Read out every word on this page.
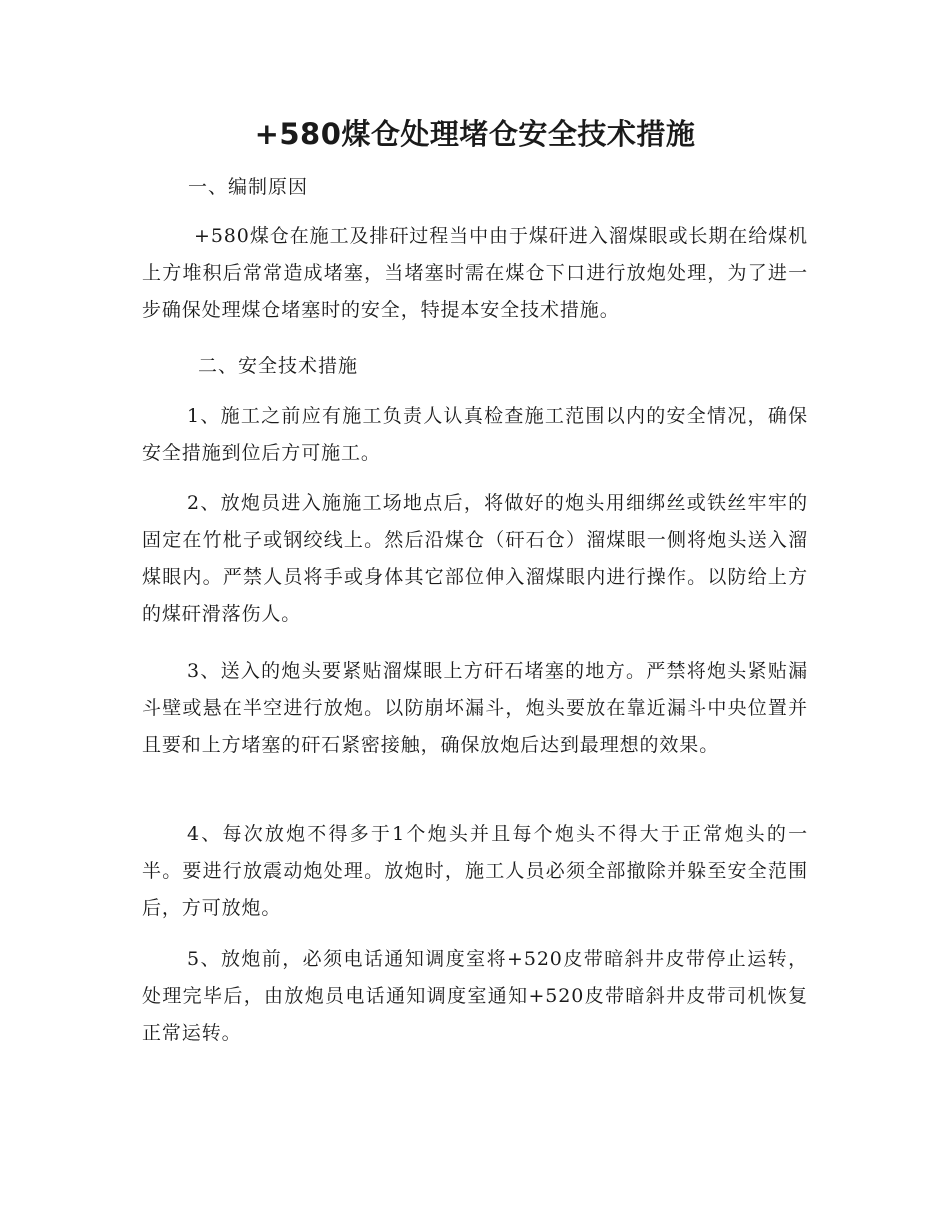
+580煤仓处理堵仓安全技术措施
一、编制原因

+580煤仓在施工及排矸过程当中由于煤矸进入溜煤眼或长期在给煤机上方堆积后常常造成堵塞，当堵塞时需在煤仓下口进行放炮处理，为了进一步确保处理煤仓堵塞时的安全，特提本安全技术措施。

二、安全技术措施

1、施工之前应有施工负责人认真检查施工范围以内的安全情况，确保安全措施到位后方可施工。

2、放炮员进入施施工场地点后，将做好的炮头用细绑丝或铁丝牢牢的固定在竹枇子或钢绞线上。然后沿煤仓（矸石仓）溜煤眼一侧将炮头送入溜煤眼内。严禁人员将手或身体其它部位伸入溜煤眼内进行操作。以防给上方的煤矸滑落伤人。

3、送入的炮头要紧贴溜煤眼上方矸石堵塞的地方。严禁将炮头紧贴漏斗壁或悬在半空进行放炮。以防崩坏漏斗，炮头要放在靠近漏斗中央位置并且要和上方堵塞的矸石紧密接触，确保放炮后达到最理想的效果。

4、每次放炮不得多于1个炮头并且每个炮头不得大于正常炮头的一半。要进行放震动炮处理。放炮时，施工人员必须全部撤除并躲至安全范围后，方可放炮。

5、放炮前，必须电话通知调度室将+520皮带暗斜井皮带停止运转，处理完毕后，由放炮员电话通知调度室通知+520皮带暗斜井皮带司机恢复正常运转。
